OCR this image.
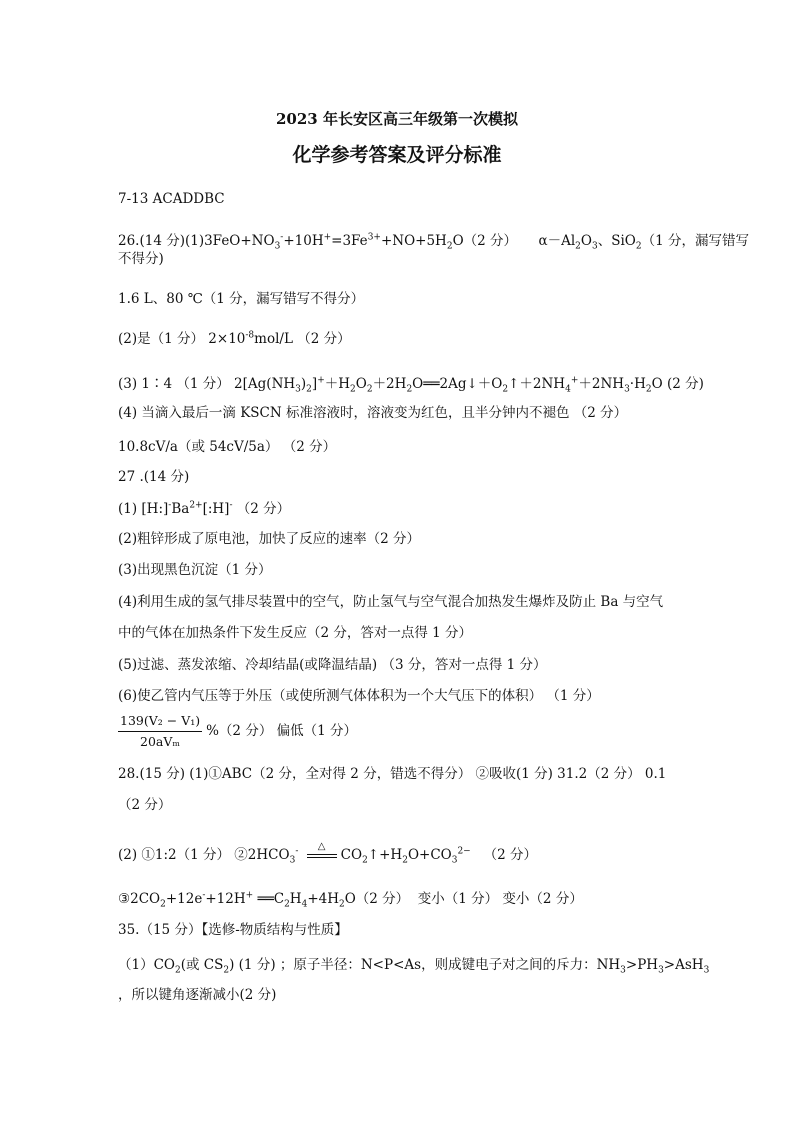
2023 年长安区高三年级第一次模拟
化学参考答案及评分标准
7-13 ACADDBC
26.(14 分)$(1)3FeO+NO_3^-+10H^+=3Fe^{3+}+NO+5H_2O(2$ 分）     $\alpha-Al_2O_3$、SiO$_2$（1 分，漏写错写
不得分)
1.6 L、80 ℃（1 分，漏写错写不得分）
(2)是（1 分） $2\times 10^{-8}mol/L$ （2 分）
(3) 1∶4 （1 分） $2[Ag(NH_3)_2]^++H_2O_2+2H_2O══2Ag↓+O_2↑+2NH_4^++2NH_3\cdot H_2O$ (2 分)
(4) 当滴入最后一滴 KSCN 标准溶液时，溶液变为红色，且半分钟内不褪色 （2 分）
10.8cV/a（或 54cV/5a） （2 分）
27 .(14 分)
(1) $[H:]^-Ba^{2+}[:H]^-$ （2 分）
(2)粗锌形成了原电池，加快了反应的速率（2 分）
(3)出现黑色沉淀（1 分）
(4)利用生成的氢气排尽装置中的空气，防止氢气与空气混合加热发生爆炸及防止 Ba 与空气
中的气体在加热条件下发生反应（2 分，答对一点得 1 分）
(5)过滤、蒸发浓缩、冷却结晶(或降温结晶) （3 分，答对一点得 1 分）
(6)使乙管内气压等于外压（或使所测气体体积为一个大气压下的体积） （1 分）
$\frac{\text{139(V₂ − V₁)}}{\text{20aVₘ}} \%(2$ 分） 偏低（1 分）
28.(15 分) (1)①ABC（2 分，全对得 2 分，错选不得分） ②吸收(1 分) 31.2（2 分） 0.1
（2 分）
(2) ①1:2（1 分） $②2HCO_3^-$	△
$CO_2↑+H_2O+CO_3^{2-}$ （2 分）
$③2CO_2+12e^-+12H^+$ $══C_2H_4+4H_2O(2$ 分）  变小（1 分） 变小（2 分）
35.（15 分）【选修-物质结构与性质】
$(1)CO_2$(或 $CS_2$) (1 分) ；原子半径：N<P<As，则成键电子对之间的斥力：$NH_3>PH_3>AsH_3$
，所以键角逐渐减小(2 分)
